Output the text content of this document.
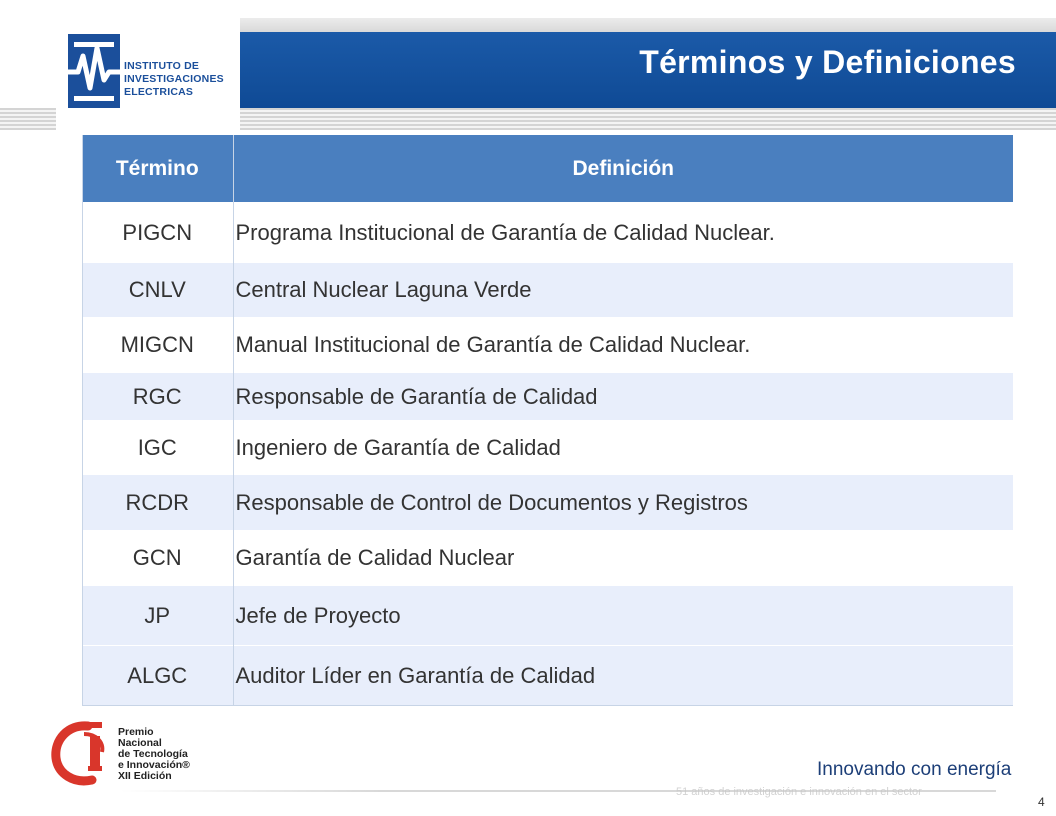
INSTITUTO DE
INVESTIGACIONES
ELECTRICAS
Términos y Definiciones
Término	Definición
PIGCN	Programa Institucional de Garantía de Calidad Nuclear.
CNLV	Central Nuclear Laguna Verde
MIGCN	Manual Institucional de Garantía de Calidad Nuclear.
RGC	Responsable de Garantía de Calidad
IGC	Ingeniero de Garantía de Calidad
RCDR	Responsable de Control de Documentos y Registros
GCN	Garantía de Calidad Nuclear
JP	Jefe de Proyecto
ALGC	Auditor Líder en Garantía de Calidad
Premio
Nacional
de Tecnología
e Innovación®
XII Edición	Innovando con energía
51 años de investigación e innovación en el sector
4
